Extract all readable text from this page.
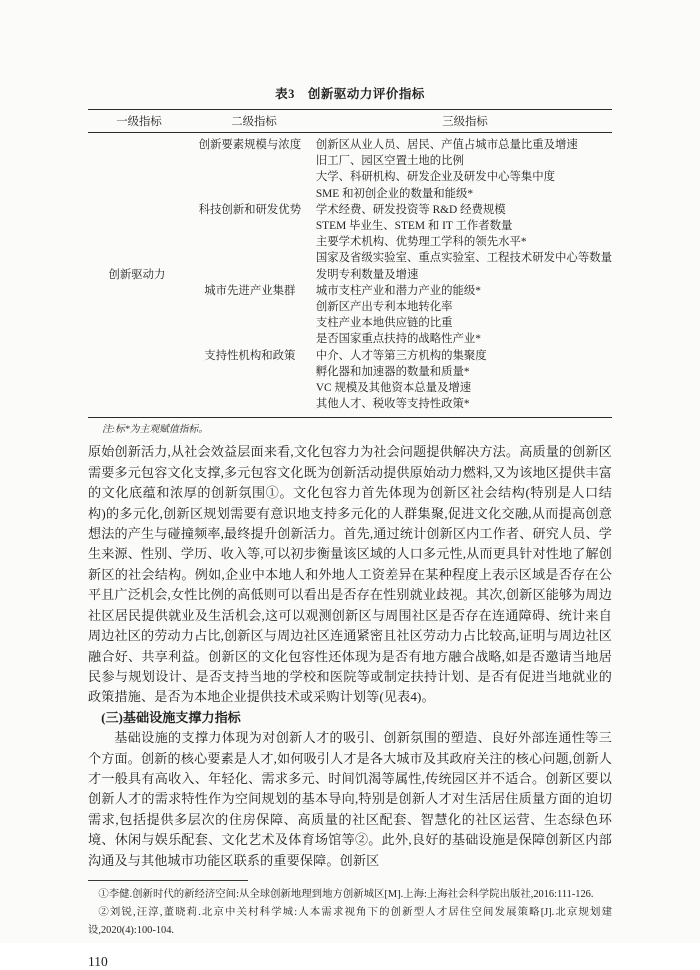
表3　创新驱动力评价指标

一级指标	二级指标	三级指标
创新驱动力
创新要素规模与浓度	创新区从业人员、居民、产值占城市总量比重及增速
旧工厂、园区空置土地的比例
大学、科研机构、研发企业及研发中心等集中度
SME 和初创企业的数量和能级*
科技创新和研发优势	学术经费、研发投资等 R&D 经费规模
STEM 毕业生、STEM 和 IT 工作者数量
主要学术机构、优势理工学科的领先水平*
国家及省级实验室、重点实验室、工程技术研发中心等数量
发明专利数量及增速
城市先进产业集群	城市支柱产业和潜力产业的能级*
创新区产出专利本地转化率
支柱产业本地供应链的比重
是否国家重点扶持的战略性产业*
支持性机构和政策	中介、人才等第三方机构的集聚度
孵化器和加速器的数量和质量*
VC 规模及其他资本总量及增速
其他人才、税收等支持性政策*

注:标*为主观赋值指标。

原始创新活力,从社会效益层面来看,文化包容力为社会问题提供解决方法。高质量的创新区需要多元包容文化支撑,多元包容文化既为创新活动提供原始动力燃料,又为该地区提供丰富的文化底蕴和浓厚的创新氛围①。文化包容力首先体现为创新区社会结构(特别是人口结构)的多元化,创新区规划需要有意识地支持多元化的人群集聚,促进文化交融,从而提高创意想法的产生与碰撞频率,最终提升创新活力。首先,通过统计创新区内工作者、研究人员、学生来源、性别、学历、收入等,可以初步衡量该区域的人口多元性,从而更具针对性地了解创新区的社会结构。例如,企业中本地人和外地人工资差异在某种程度上表示区域是否存在公平且广泛机会,女性比例的高低则可以看出是否存在性别就业歧视。其次,创新区能够为周边社区居民提供就业及生活机会,这可以观测创新区与周围社区是否存在连通障碍、统计来自周边社区的劳动力占比,创新区与周边社区连通紧密且社区劳动力占比较高,证明与周边社区融合好、共享利益。创新区的文化包容性还体现为是否有地方融合战略,如是否邀请当地居民参与规划设计、是否支持当地的学校和医院等或制定扶持计划、是否有促进当地就业的政策措施、是否为本地企业提供技术或采购计划等(见表4)。

(三)基础设施支撑力指标

基础设施的支撑力体现为对创新人才的吸引、创新氛围的塑造、良好外部连通性等三个方面。创新的核心要素是人才,如何吸引人才是各大城市及其政府关注的核心问题,创新人才一般具有高收入、年轻化、需求多元、时间饥渴等属性,传统园区并不适合。创新区要以创新人才的需求特性作为空间规划的基本导向,特别是创新人才对生活居住质量方面的迫切需求,包括提供多层次的住房保障、高质量的社区配套、智慧化的社区运营、生态绿色环境、休闲与娱乐配套、文化艺术及体育场馆等②。此外,良好的基础设施是保障创新区内部沟通及与其他城市功能区联系的重要保障。创新区

①李健.创新时代的新经济空间:从全球创新地理到地方创新城区[M].上海:上海社会科学院出版社,2016:111-126.

②刘锐,汪淳,董晓莉.北京中关村科学城:人本需求视角下的创新型人才居住空间发展策略[J].北京规划建设,2020(4):100-104.

110
